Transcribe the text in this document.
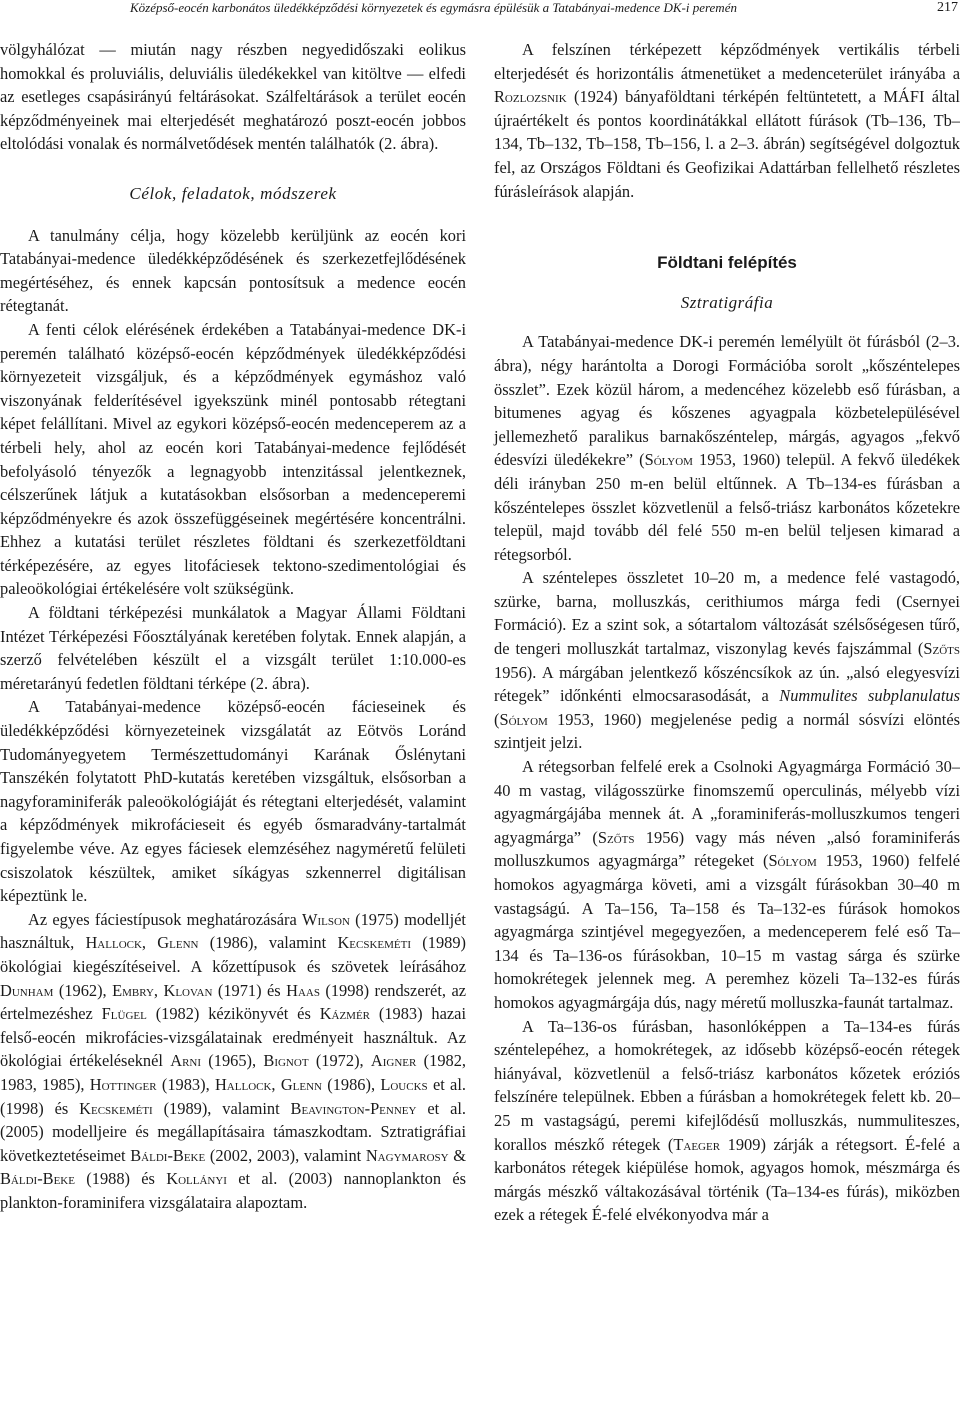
Középső-eocén karbonátos üledékképződési környezetek és egymásra épülésük a Tatabányai-medence DK-i peremén	217

völgyhálózat — miután nagy részben negyedidőszaki eolikus homokkal és proluviális, deluviális üledékekkel van kitöltve — elfedi az esetleges csapásirányú feltárásokat. Szálfeltárások a terület eocén képződményeinek mai elterjedését meghatározó poszt-eocén jobbos eltolódási vonalak és normálvetődések mentén találhatók (2. ábra).

Célok, feladatok, módszerek

A tanulmány célja, hogy közelebb kerüljünk az eocén kori Tatabányai-medence üledékképződésének és szerkezetfejlődésének megértéséhez, és ennek kapcsán pontosítsuk a medence eocén rétegtanát.

A fenti célok elérésének érdekében a Tatabányai-medence DK-i peremén található középső-eocén képződmények üledékképződési környezeteit vizsgáljuk, és a képződmények egymáshoz való viszonyának felderítésével igyekszünk minél pontosabb rétegtani képet felállítani. Mivel az egykori középső-eocén medenceperem az a térbeli hely, ahol az eocén kori Tatabányai-medence fejlődését befolyásoló tényezők a legnagyobb intenzitással jelentkeznek, célszerűnek látjuk a kutatásokban elsősorban a medenceperemi képződményekre és azok összefüggéseinek megértésére koncentrálni. Ehhez a kutatási terület részletes földtani és szerkezetföldtani térképezésére, az egyes litofáciesek tektono-szedimentológiai és paleoökológiai értékelésére volt szükségünk.

A földtani térképezési munkálatok a Magyar Állami Földtani Intézet Térképezési Főosztályának keretében folytak. Ennek alapján, a szerző felvételében készült el a vizsgált terület 1:10.000-es méretarányú fedetlen földtani térképe (2. ábra).

A Tatabányai-medence középső-eocén fácieseinek és üledékképződési környezeteinek vizsgálatát az Eötvös Loránd Tudományegyetem Természettudományi Karának Őslénytani Tanszékén folytatott PhD-kutatás keretében vizsgáltuk, elsősorban a nagyforaminiferák paleoökológiáját és rétegtani elterjedését, valamint a képződmények mikrofácieseit és egyéb ősmaradvány-tartalmát figyelembe véve. Az egyes fáciesek elemzéséhez nagyméretű felületi csiszolatok készültek, amiket síkágyas szkennerrel digitálisan képeztünk le.

Az egyes fáciestípusok meghatározására Wilson (1975) modelljét használtuk, Hallock, Glenn (1986), valamint Kecskeméti (1989) ökológiai kiegészítéseivel. A kőzettípusok és szövetek leírásához Dunham (1962), Embry, Klovan (1971) és Haas (1998) rendszerét, az értelmezéshez Flügel (1982) kézikönyvét és Kázmér (1983) hazai felső-eocén mikrofácies-vizsgálatainak eredményeit használtuk. Az ökológiai értékeléseknél Arni (1965), Bignot (1972), Aigner (1982, 1983, 1985), Hottinger (1983), Hallock, Glenn (1986), Loucks et al. (1998) és Kecskeméti (1989), valamint Beavington-Penney et al. (2005) modelljeire és megállapításaira támaszkodtam. Sztratigráfiai következtetéseimet Báldi-Beke (2002, 2003), valamint Nagymarosy & Báldi-Beke (1988) és Kollányi et al. (2003) nannoplankton és plankton-foraminifera vizsgálataira alapoztam.

A felszínen térképezett képződmények vertikális térbeli elterjedését és horizontális átmenetüket a medenceterület irányába a Rozlozsnik (1924) bányaföldtani térképén feltüntetett, a MÁFI által újraértékelt és pontos koordinátákkal ellátott fúrások (Tb–136, Tb–134, Tb–132, Tb–158, Tb–156, l. a 2–3. ábrán) segítségével dolgoztuk fel, az Országos Földtani és Geofizikai Adattárban fellelhető részletes fúrásleírások alapján.

Földtani felépítés
Sztratigráfia

A Tatabányai-medence DK-i peremén lemélyült öt fúrásból (2–3. ábra), négy harántolta a Dorogi Formációba sorolt „kőszéntelepes összlet”. Ezek közül három, a medencéhez közelebb eső fúrásban, a bitumenes agyag és kőszenes agyagpala közbetelepülésével jellemezhető paralikus barnakőszéntelep, márgás, agyagos „fekvő édesvízi üledékekre” (Sólyom 1953, 1960) települ. A fekvő üledékek déli irányban 250 m-en belül eltűnnek. A Tb–134-es fúrásban a kőszéntelepes összlet közvetlenül a felső-triász karbonátos kőzetekre települ, majd tovább dél felé 550 m-en belül teljesen kimarad a rétegsorból.

A széntelepes összletet 10–20 m, a medence felé vastagodó, szürke, barna, molluszkás, cerithiumos márga fedi (Csernyei Formáció). Ez a szint sok, a sótartalom változását szélsőségesen tűrő, de tengeri molluszkát tartalmaz, viszonylag kevés fajszámmal (Szőts 1956). A márgában jelentkező kőszéncsíkok az ún. „alsó elegyesvízi rétegek” időnkénti elmocsarasodását, a Nummulites subplanulatus (Sólyom 1953, 1960) megjelenése pedig a normál sósvízi elöntés szintjeit jelzi.

A rétegsorban felfelé erek a Csolnoki Agyagmárga Formáció 30–40 m vastag, világosszürke finomszemű operculinás, mélyebb vízi agyagmárgájába mennek át. A „foraminiferás-molluszkumos tengeri agyagmárga” (Szőts 1956) vagy más néven „alsó foraminiferás molluszkumos agyagmárga” rétegeket (Sólyom 1953, 1960) felfelé homokos agyagmárga követi, ami a vizsgált fúrásokban 30–40 m vastagságú. A Ta–156, Ta–158 és Ta–132-es fúrások homokos agyagmárga szintjével megegyezően, a medenceperem felé eső Ta–134 és Ta–136-os fúrásokban, 10–15 m vastag sárga és szürke homokrétegek jelennek meg. A peremhez közeli Ta–132-es fúrás homokos agyagmárgája dús, nagy méretű molluszka-faunát tartalmaz.

A Ta–136-os fúrásban, hasonlóképpen a Ta–134-es fúrás széntelepéhez, a homokrétegek, az idősebb középső-eocén rétegek hiányával, közvetlenül a felső-triász karbonátos kőzetek eróziós felszínére települnek. Ebben a fúrásban a homokrétegek felett kb. 20–25 m vastagságú, peremi kifejlődésű molluszkás, nummuliteszes, korallos mészkő rétegek (Taeger 1909) zárják a rétegsort. É-felé a karbonátos rétegek kiépülése homok, agyagos homok, mészmárga és márgás mészkő váltakozásával történik (Ta–134-es fúrás), miközben ezek a rétegek É-felé elvékonyodva már a
